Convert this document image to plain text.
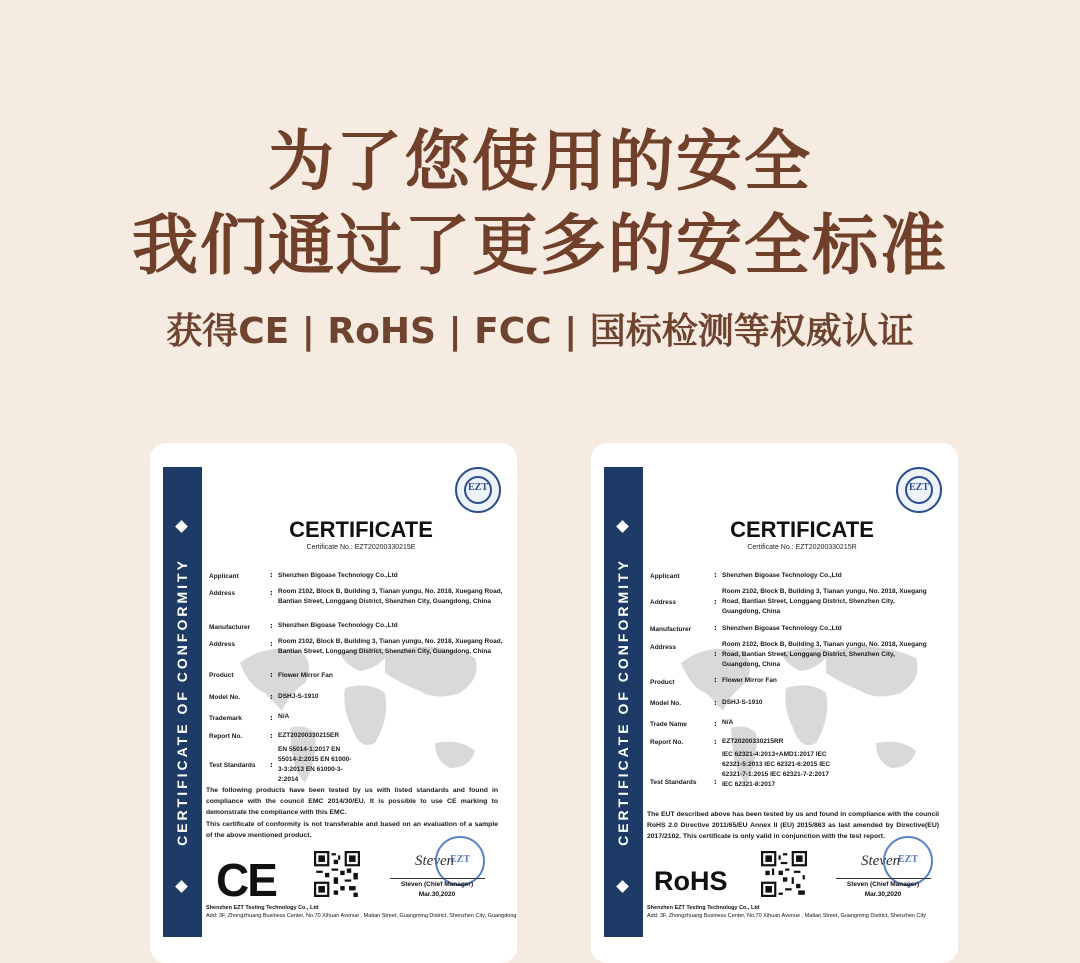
为了您使用的安全
我们通过了更多的安全标准
获得CE | RoHS | FCC | 国标检测等权威认证
CERTIFICATE OF CONFORMITY
EZT
CERTIFICATE
Certificate No.: EZT20200330215E
Applicant	: Shenzhen Bigoase Technology Co.,Ltd
Address	: Room 2102, Block B, Building 3, Tianan yungu, No. 2018, Xuegang Road, Bantian Street, Longgang District, Shenzhen City, Guangdong, China
Manufacturer	: Shenzhen Bigoase Technology Co.,Ltd
Address	: Room 2102, Block B, Building 3, Tianan yungu, No. 2018, Xuegang Road, Bantian Street, Longgang District, Shenzhen City, Guangdong, China
Product	: Flower Mirror Fan
Model No.	: DSHJ-S-1910
Trademark	: N/A
Report No.	: EZT20200330215ER
Test Standards	:
EN 55014-1:2017 EN 55014-2:2015 EN 61000-3-3:2013 EN 61000-3-2:2014
The following products have been tested by us with listed standards and found in compliance with the council EMC 2014/30/EU. It is possible to use CE marking to demonstrate the compliance with this EMC.
This certificate of conformity is not transferable and based on an evaluation of a sample of the above mentioned product.
CE	Steven
EZT
Steven (Chief Manager)
Mar.30,2020
Shenzhen EZT Testing Technology Co., Ltd
Add: 3F, Zhongzhuang Business Center, No.70 Xihuan Avenue , Matian Street, Guangming District, Shenzhen City, Guangdong
CERTIFICATE OF CONFORMITY
EZT
CERTIFICATE
Certificate No.: EZT20200330215R
Applicant	: Shenzhen Bigoase Technology Co.,Ltd
Address	:
Room 2102, Block B, Building 3, Tianan yungu, No. 2018, Xuegang Road, Bantian Street, Longgang District, Shenzhen City, Guangdong, China
Manufacturer	: Shenzhen Bigoase Technology Co.,Ltd
Address
:
Room 2102, Block B, Building 3, Tianan yungu, No. 2018, Xuegang Road, Bantian Street, Longgang District, Shenzhen City, Guangdong, China
Product	: Flower Mirror Fan
Model No.	: DSHJ-S-1910
Trade Name	: N/A
Report No.	: EZT20200330215RR
Test Standards	:
IEC 62321-4:2013+AMD1:2017 IEC 62321-5:2013 IEC 62321-6:2015 IEC 62321-7-1:2015 IEC 62321-7-2:2017 IEC 62321-8:2017
The EUT described above has been tested by us and found in compliance with the council RoHS 2.0 Directive 2011/65/EU Annex II (EU) 2015/863 as last amended by Directive(EU) 2017/2102. This certificate is only valid in conjunction with the test report.
RoHS
Steven
EZT
Steven (Chief Manager)
Mar.30,2020
Shenzhen EZT Testing Technology Co., Ltd
Add: 3F, Zhongzhuang Business Center, No.70 Xihuan Avenue , Matian Street, Guangming District, Shenzhen City
